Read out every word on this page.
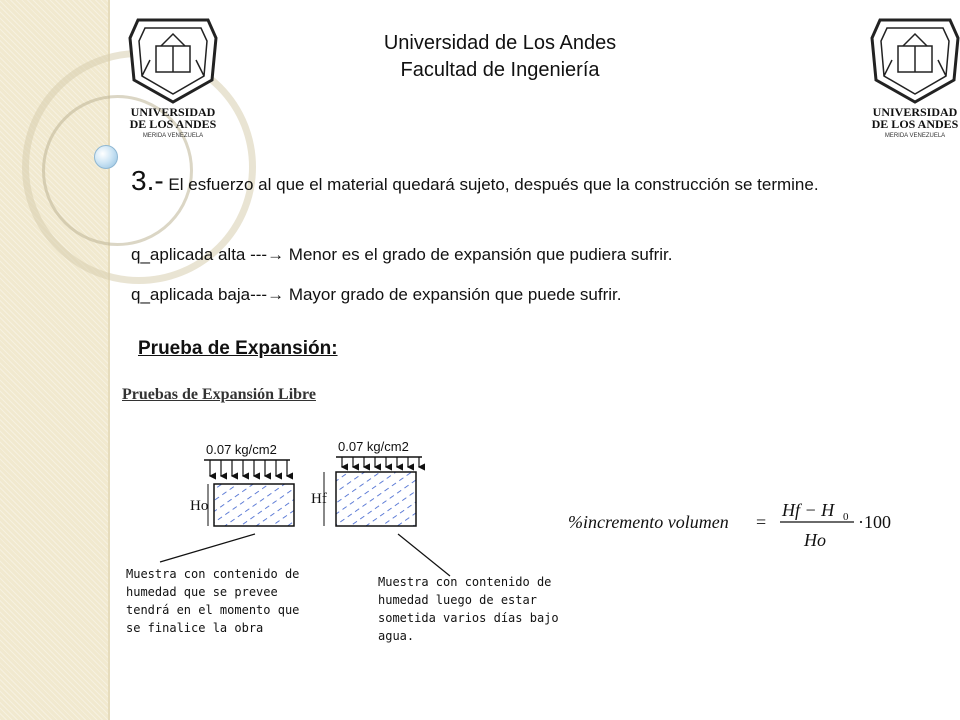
UNIVERSIDAD
DE LOS ANDES
MERIDA VENEZUELA
UNIVERSIDAD
DE LOS ANDES
MERIDA VENEZUELA
Universidad de Los Andes
Facultad de Ingeniería
3.- El esfuerzo al que el material quedará sujeto, después que la construcción se termine.
q_aplicada alta ---→ Menor es el grado de expansión que pudiera sufrir.
q_aplicada baja---→ Mayor grado de expansión que puede sufrir.
Prueba de Expansión:
Pruebas de Expansión Libre
0.07 kg/cm2
Ho
0.07 kg/cm2
Hf
Muestra con contenido de
humedad que se prevee
tendrá en el momento que
se finalice la obra
Muestra con contenido de
humedad luego de estar
sometida varios días bajo
agua.
%incremento volumen =
Hf − H 0
Ho
·100
